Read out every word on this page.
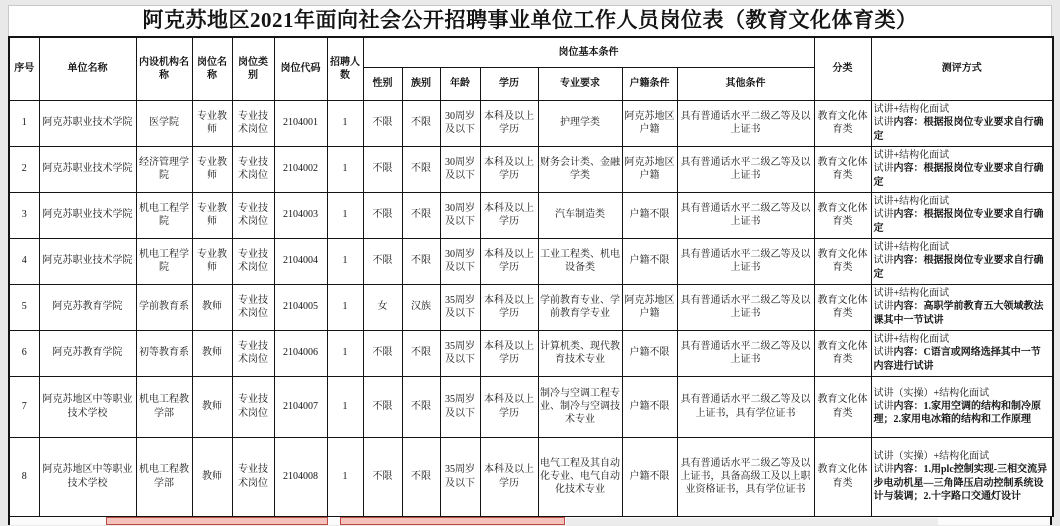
阿克苏地区2021年面向社会公开招聘事业单位工作人员岗位表（教育文化体育类）
序号	单位名称	内设机构名称	岗位名称	岗位类别	岗位代码	招聘人数	岗位基本条件							分类	测评方式
							性别	族别	年龄	学历	专业要求	户籍条件	其他条件		
1	阿克苏职业技术学院	医学院	专业教师	专业技术岗位	2104001	1	不限	不限	30周岁及以下	本科及以上学历	护理学类	阿克苏地区户籍	具有普通话水平二级乙等及以上证书	教育文化体育类	试讲+结构化面试
试讲内容：根据报岗位专业要求自行确定
2	阿克苏职业技术学院	经济管理学院	专业教师	专业技术岗位	2104002	1	不限	不限	30周岁及以下	本科及以上学历	财务会计类、金融学类	阿克苏地区户籍	具有普通话水平二级乙等及以上证书	教育文化体育类	试讲+结构化面试
试讲内容：根据报岗位专业要求自行确定
3	阿克苏职业技术学院	机电工程学院	专业教师	专业技术岗位	2104003	1	不限	不限	30周岁及以下	本科及以上学历	汽车制造类	户籍不限	具有普通话水平二级乙等及以上证书	教育文化体育类	试讲+结构化面试
试讲内容：根据报岗位专业要求自行确定
4	阿克苏职业技术学院	机电工程学院	专业教师	专业技术岗位	2104004	1	不限	不限	30周岁及以下	本科及以上学历	工业工程类、机电设备类	户籍不限	具有普通话水平二级乙等及以上证书	教育文化体育类	试讲+结构化面试
试讲内容：根据报岗位专业要求自行确定
5	阿克苏教育学院	学前教育系	教师	专业技术岗位	2104005	1	女	汉族	35周岁及以下	本科及以上学历	学前教育专业、学前教育学专业	阿克苏地区户籍	具有普通话水平二级乙等及以上证书	教育文化体育类	试讲+结构化面试
试讲内容：高职学前教育五大领域教法课其中一节试讲
6	阿克苏教育学院	初等教育系	教师	专业技术岗位	2104006	1	不限	不限	35周岁及以下	本科及以上学历	计算机类、现代教育技术专业	户籍不限	具有普通话水平二级乙等及以上证书	教育文化体育类	试讲+结构化面试
试讲内容：C语言或网络选择其中一节内容进行试讲
7	阿克苏地区中等职业技术学校	机电工程教学部	教师	专业技术岗位	2104007	1	不限	不限	35周岁及以下	本科及以上学历	制冷与空调工程专业、制冷与空调技术专业	户籍不限	具有普通话水平二级乙等及以上证书，具有学位证书	教育文化体育类	试讲（实操）+结构化面试
试讲内容：1.家用空调的结构和制冷原理；2.家用电冰箱的结构和工作原理
8	阿克苏地区中等职业技术学校	机电工程教学部	教师	专业技术岗位	2104008	1	不限	不限	35周岁及以下	本科及以上学历	电气工程及其自动化专业、电气自动化技术专业	户籍不限	具有普通话水平二级乙等及以上证书，具备高级工及以上职业资格证书，具有学位证书	教育文化体育类	试讲（实操）+结构化面试
试讲内容：1.用plc控制实现-三相交流异步电动机星—三角降压启动控制系统设计与装调；2.十字路口交通灯设计
